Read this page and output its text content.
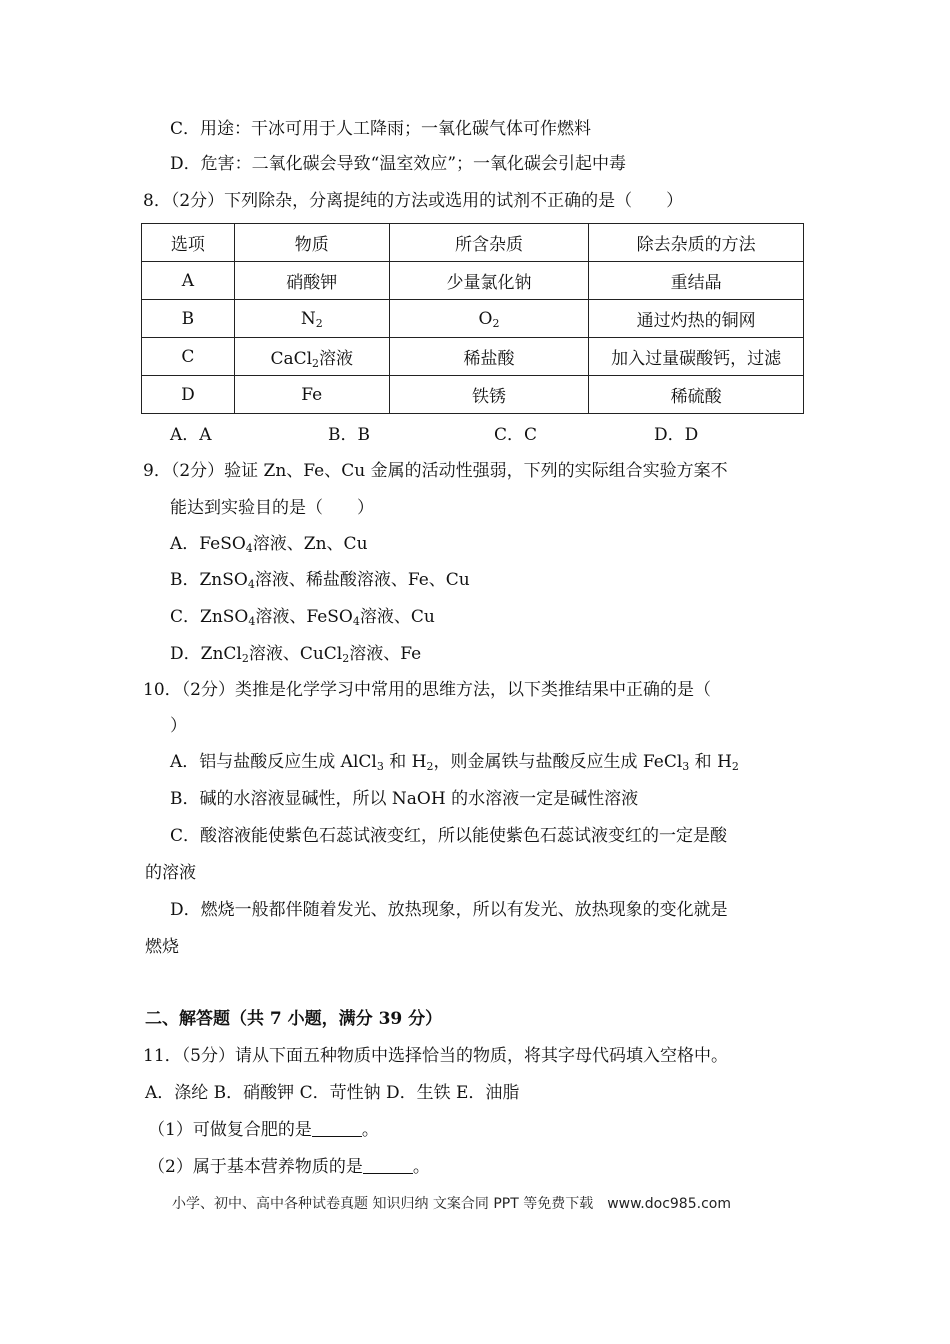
C．用途：干冰可用于人工降雨；一氧化碳气体可作燃料
D．危害：二氧化碳会导致“温室效应”；一氧化碳会引起中毒
8．（2分）下列除杂，分离提纯的方法或选用的试剂不正确的是（　　）
选项	物质	所含杂质	除去杂质的方法
A	硝酸钾	少量氯化钠	重结晶
B	$N_2$	$O_2$	通过灼热的铜网
C	CaCl$_2$溶液	稀盐酸	加入过量碳酸钙，过滤
D	Fe	铁锈	稀硫酸
A．A	B．B	C．C	D．D
9．（2分）验证 Zn、Fe、Cu 金属的活动性强弱，下列的实际组合实验方案不
能达到实验目的是（　　）
A．FeSO$_4$溶液、Zn、Cu
B．ZnSO$_4$溶液、稀盐酸溶液、Fe、Cu
C．ZnSO$_4$溶液、FeSO$_4$溶液、Cu
D．ZnCl$_2$溶液、CuCl$_2$溶液、Fe
10．（2分）类推是化学学习中常用的思维方法，以下类推结果中正确的是（
）
A．铝与盐酸反应生成 AlCl$_3$ 和 $H_2$，则金属铁与盐酸反应生成 FeCl$_3$ 和 $H_2$
B．碱的水溶液显碱性，所以 NaOH 的水溶液一定是碱性溶液
C．酸溶液能使紫色石蕊试液变红，所以能使紫色石蕊试液变红的一定是酸
的溶液
D．燃烧一般都伴随着发光、放热现象，所以有发光、放热现象的变化就是
燃烧
二、解答题（共 7 小题，满分 39 分）
11．（5分）请从下面五种物质中选择恰当的物质，将其字母代码填入空格中。
A．涤纶 B．硝酸钾 C．苛性钠 D．生铁 E．油脂
（1）可做复合肥的是	。
（2）属于基本营养物质的是	。
小学、初中、高中各种试卷真题 知识归纳 文案合同 PPT 等免费下载　www.doc985.com
